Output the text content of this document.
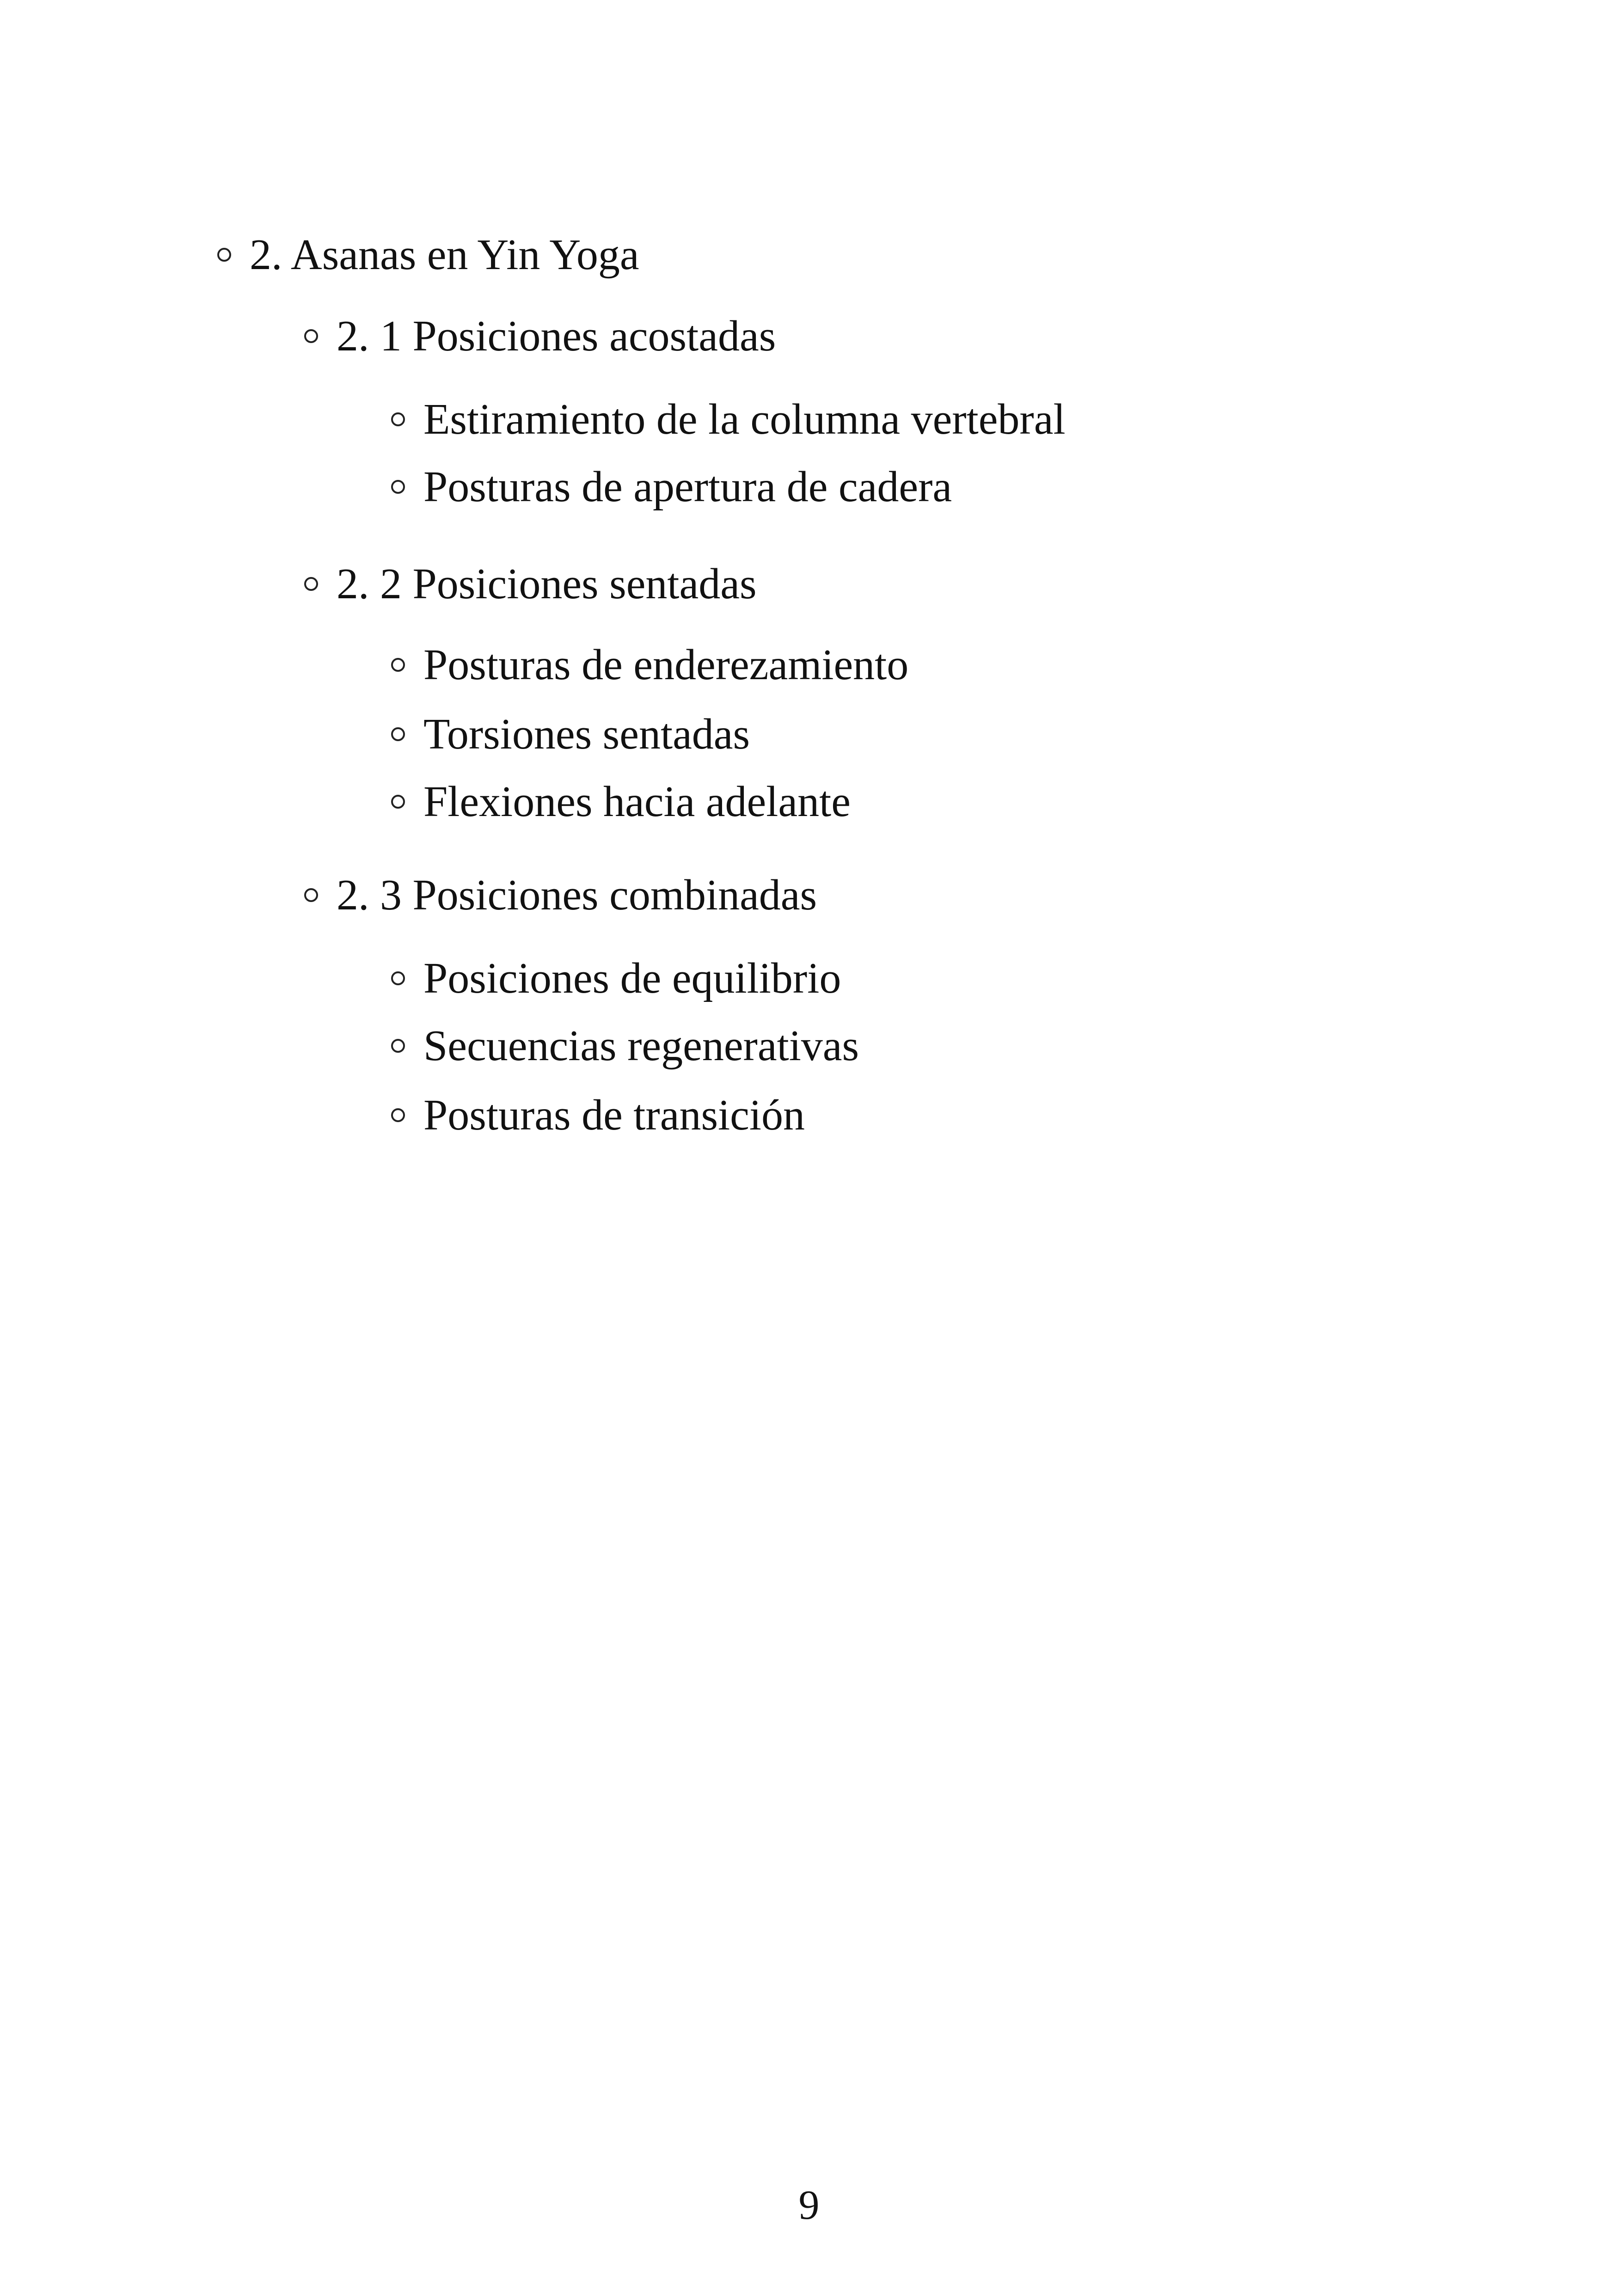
2. Asanas en Yin Yoga
2. 1 Posiciones acostadas
Estiramiento de la columna vertebral
Posturas de apertura de cadera
2. 2 Posiciones sentadas
Posturas de enderezamiento
Torsiones sentadas
Flexiones hacia adelante
2. 3 Posiciones combinadas
Posiciones de equilibrio
Secuencias regenerativas
Posturas de transición
9
